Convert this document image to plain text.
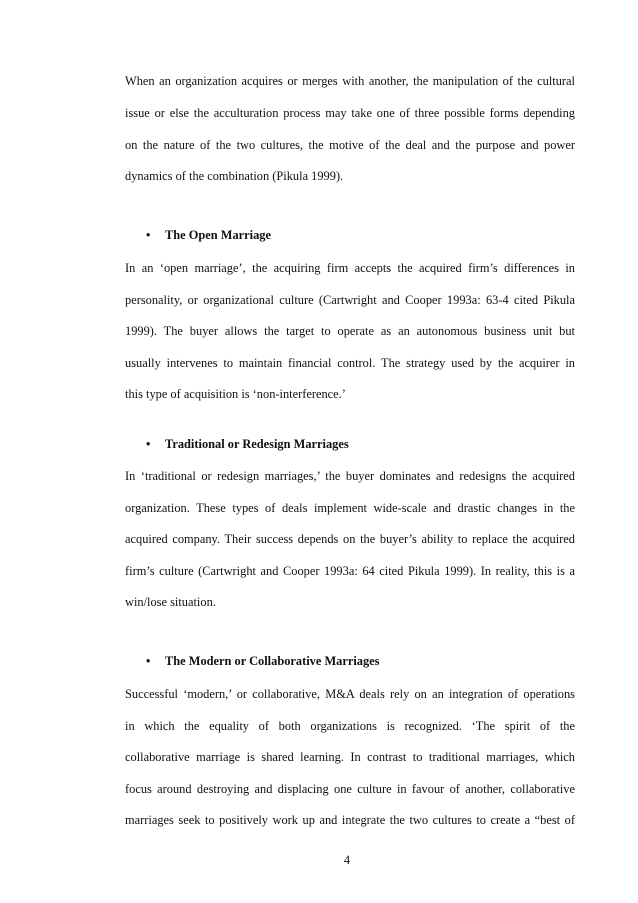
When an organization acquires or merges with another, the manipulation of the cultural
issue or else the acculturation process may take one of three possible forms depending
on the nature of the two cultures, the motive of the deal and the purpose and power
dynamics of the combination (Pikula 1999).
• The Open Marriage
In an ‘open marriage’, the acquiring firm accepts the acquired firm’s differences in
personality, or organizational culture (Cartwright and Cooper 1993a: 63-4 cited Pikula
1999). The buyer allows the target to operate as an autonomous business unit but
usually intervenes to maintain financial control. The strategy used by the acquirer in
this type of acquisition is ‘non-interference.’
• Traditional or Redesign Marriages
In ‘traditional or redesign marriages,’ the buyer dominates and redesigns the acquired
organization. These types of deals implement wide-scale and drastic changes in the
acquired company. Their success depends on the buyer’s ability to replace the acquired
firm’s culture (Cartwright and Cooper 1993a: 64 cited Pikula 1999). In reality, this is a
win/lose situation.
• The Modern or Collaborative Marriages
Successful ‘modern,’ or collaborative, M&A deals rely on an integration of operations
in which the equality of both organizations is recognized. ‘The spirit of the
collaborative marriage is shared learning. In contrast to traditional marriages, which
focus around destroying and displacing one culture in favour of another, collaborative
marriages seek to positively work up and integrate the two cultures to create a “best of
4
